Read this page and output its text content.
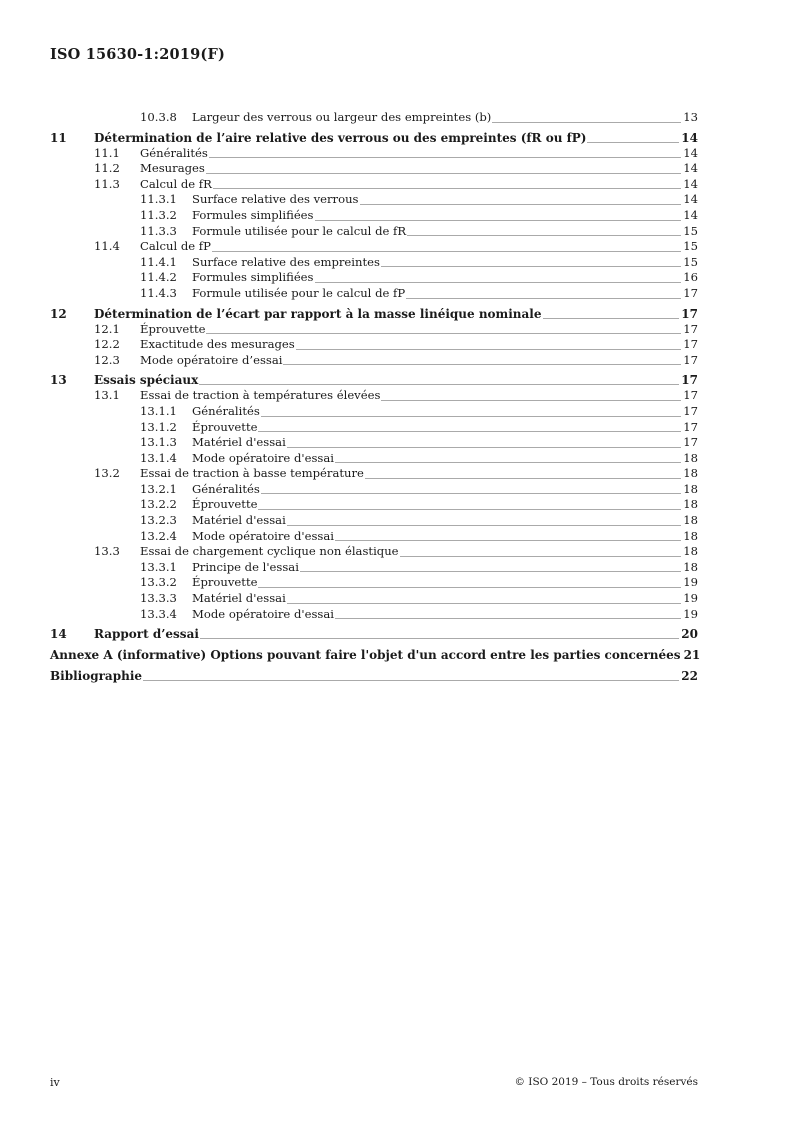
ISO 15630-1:2019(F)
10.3.8	Largeur des verrous ou largeur des empreintes (b)	13
11	Détermination de l’aire relative des verrous ou des empreintes (fR ou fP)	14
11.1	Généralités	14
11.2	Mesurages	14
11.3	Calcul de fR	14
11.3.1	Surface relative des verrous	14
11.3.2	Formules simplifiées	14
11.3.3	Formule utilisée pour le calcul de fR	15
11.4	Calcul de fP	15
11.4.1	Surface relative des empreintes	15
11.4.2	Formules simplifiées	16
11.4.3	Formule utilisée pour le calcul de fP	17
12	Détermination de l’écart par rapport à la masse linéique nominale	17
12.1	Éprouvette	17
12.2	Exactitude des mesurages	17
12.3	Mode opératoire d’essai	17
13	Essais spéciaux	17
13.1	Essai de traction à températures élevées	17
13.1.1	Généralités	17
13.1.2	Éprouvette	17
13.1.3	Matériel d'essai	17
13.1.4	Mode opératoire d'essai	18
13.2	Essai de traction à basse température	18
13.2.1	Généralités	18
13.2.2	Éprouvette	18
13.2.3	Matériel d'essai	18
13.2.4	Mode opératoire d'essai	18
13.3	Essai de chargement cyclique non élastique	18
13.3.1	Principe de l'essai	18
13.3.2	Éprouvette	19
13.3.3	Matériel d'essai	19
13.3.4	Mode opératoire d'essai	19
14	Rapport d’essai	20
Annexe A (informative) Options pouvant faire l'objet d'un accord entre les parties concernées 21
Bibliographie	22
iv	© ISO 2019 – Tous droits réservés
